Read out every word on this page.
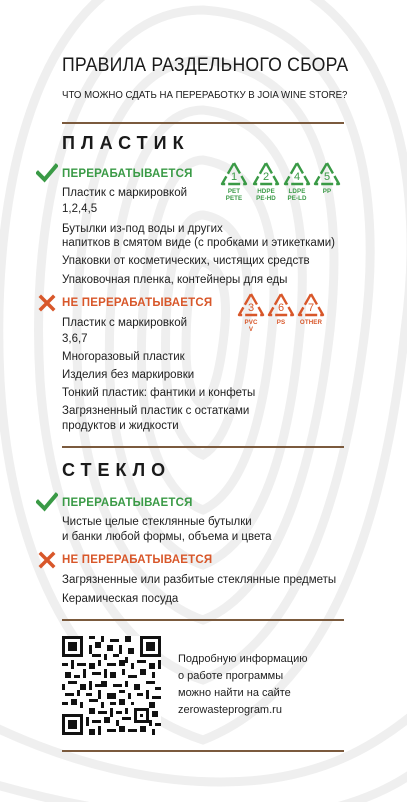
ПРАВИЛА РАЗДЕЛЬНОГО СБОРА
ЧТО МОЖНО СДАТЬ НА ПЕРЕРАБОТКУ В JOIA WINE STORE?
ПЛАСТИК
ПЕРЕРАБАТЫВАЕТСЯ	1
PET
PETE
2
HDPE
PE-HD
4
LDPE
PE-LD
5
PP
Пластик с маркировкой
1,2,4,5
Бутылки из-под воды и других
напитков в смятом виде (с пробками и этикетками)
Упаковки от косметических, чистящих средств
Упаковочная пленка, контейнеры для еды
НЕ ПЕРЕРАБАТЫВАЕТСЯ	3
PVC
V
6
PS
7
OTHER
Пластик с маркировкой
3,6,7
Многоразовый пластик
Изделия без маркировки
Тонкий пластик: фантики и конфеты
Загрязненный пластик с остатками
продуктов и жидкости
СТЕКЛО
ПЕРЕРАБАТЫВАЕТСЯ
Чистые целые стеклянные бутылки
и банки любой формы, объема и цвета
НЕ ПЕРЕРАБАТЫВАЕТСЯ
Загрязненные или разбитые стеклянные предметы
Керамическая посуда
Подробную информацию
о работе программы
можно найти на сайте
zerowasteprogram.ru
